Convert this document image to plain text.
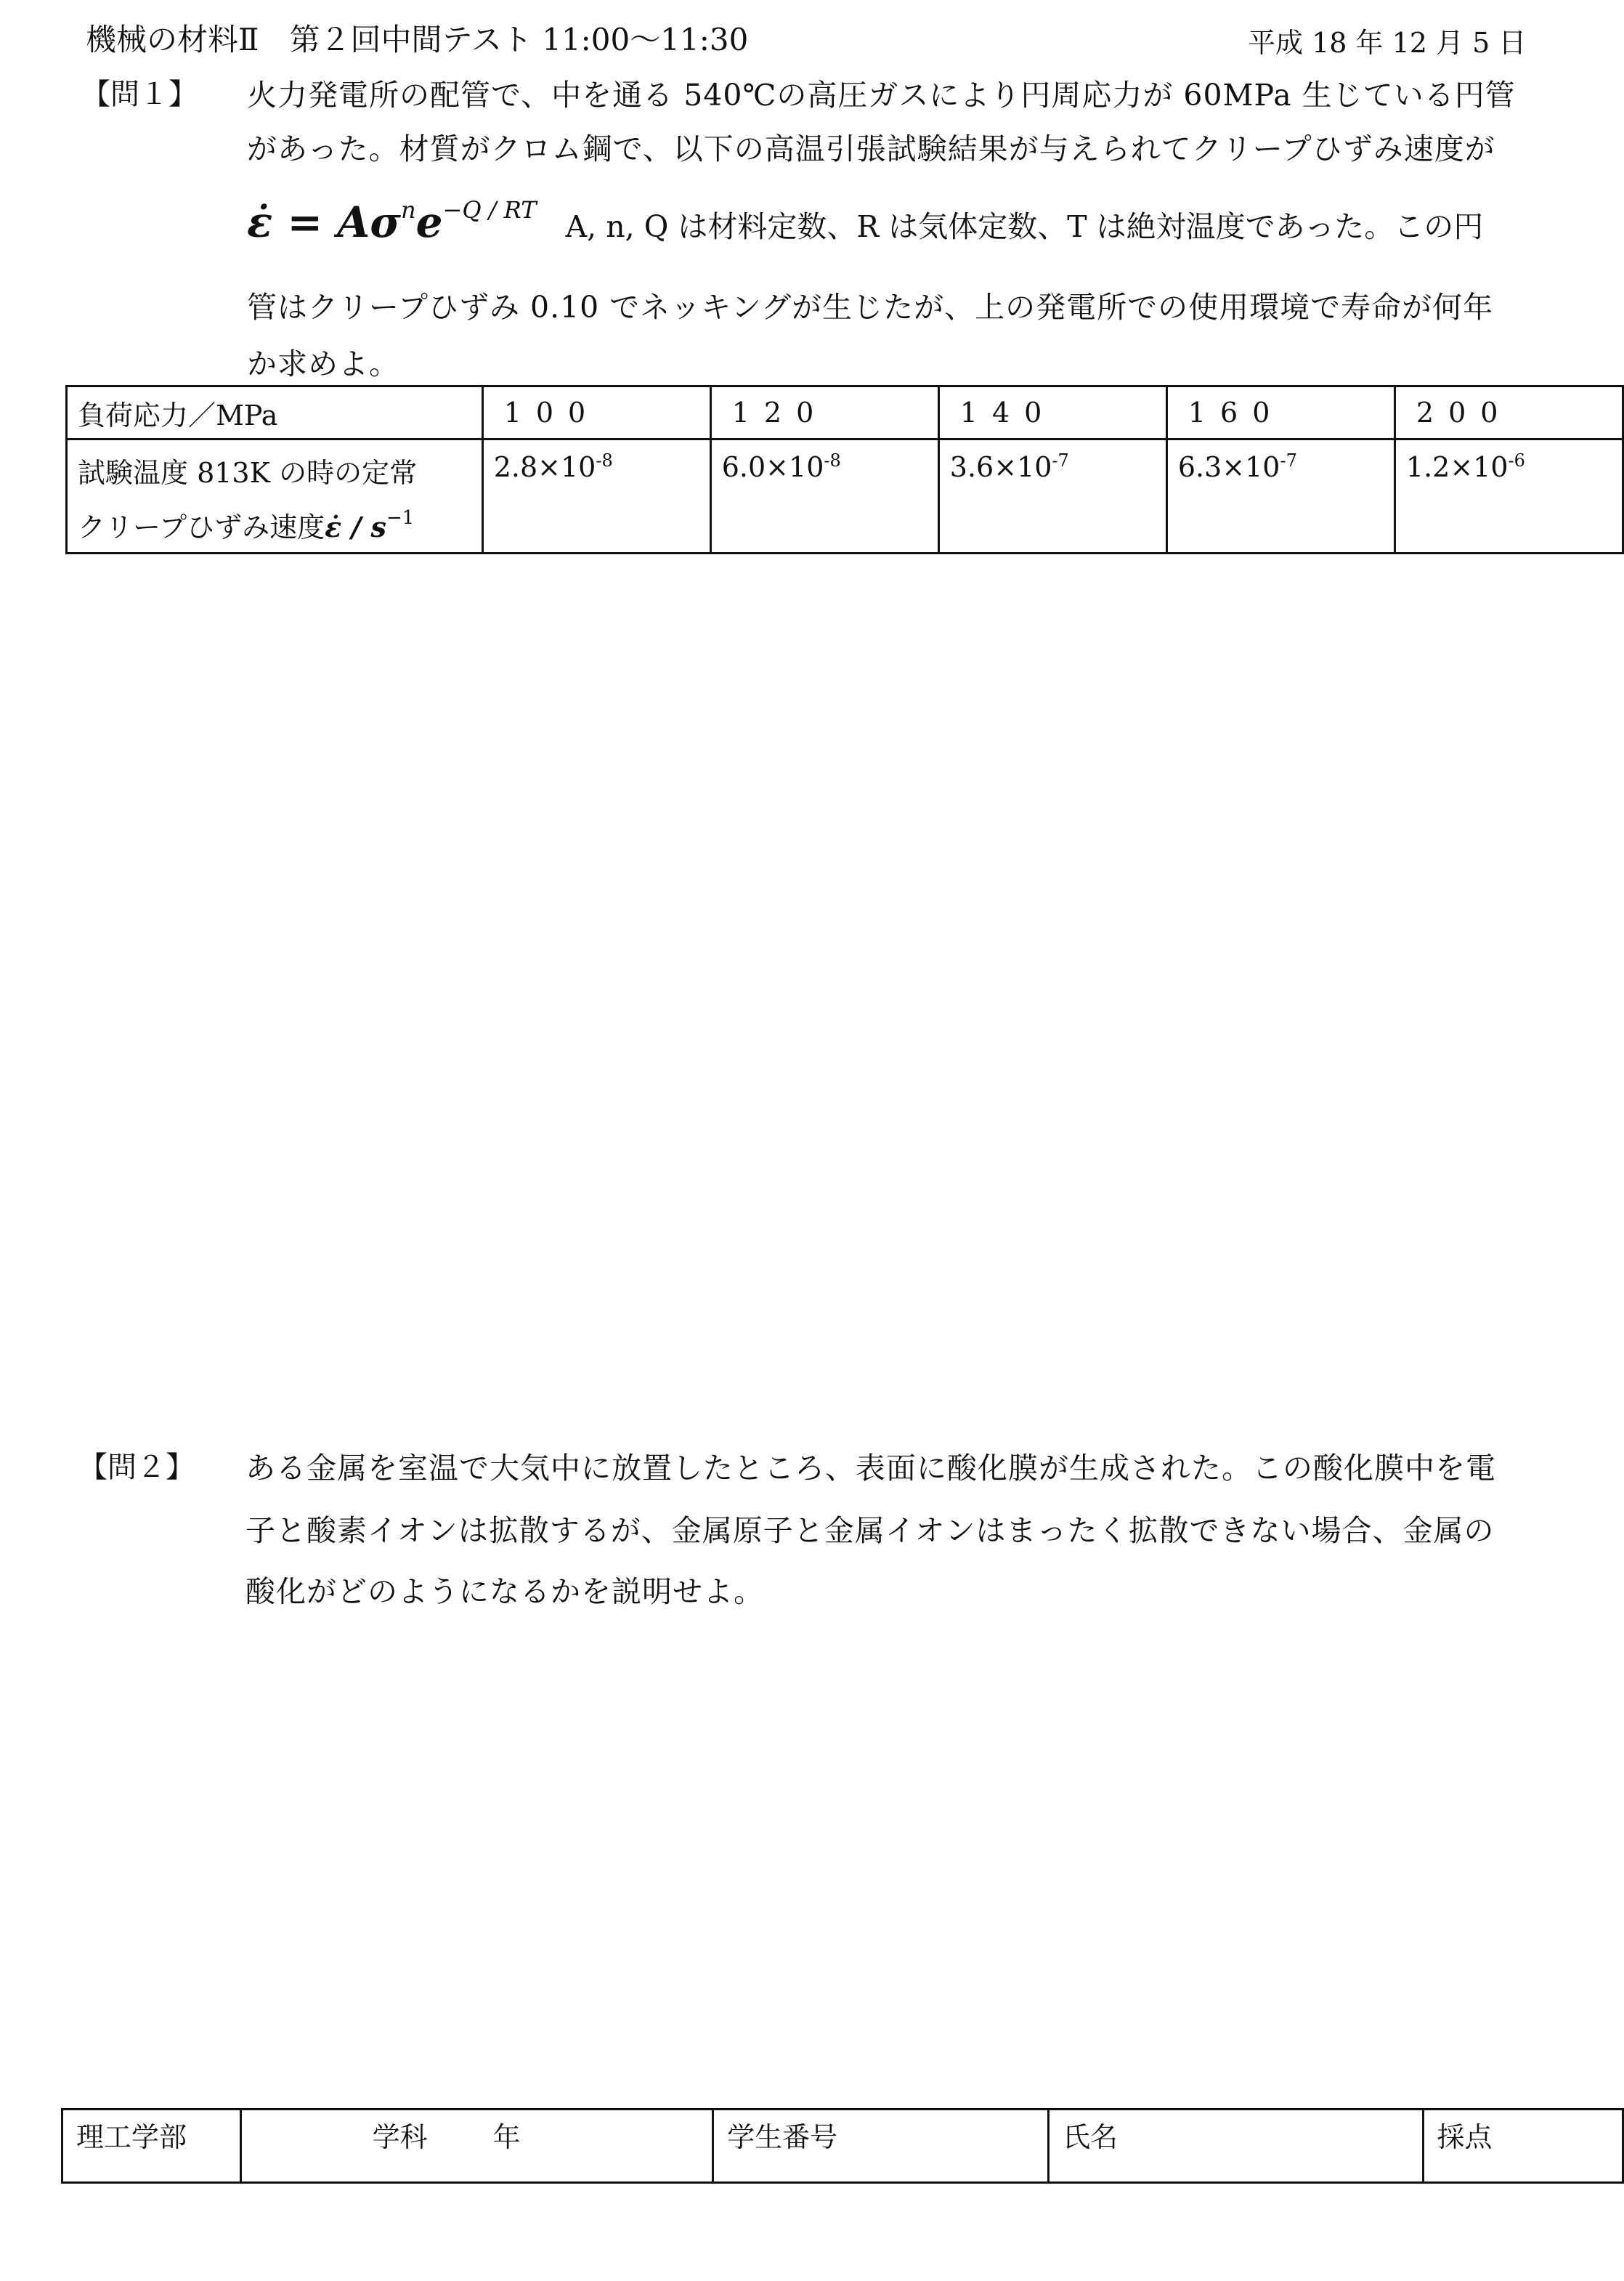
機械の材料Ⅱ　第２回中間テスト 11:00〜11:30	平成 18 年 12 月 5 日
【問１】 火力発電所の配管で、中を通る 540℃の高圧ガスにより円周応力が 60MPa 生じている円管
があった。材質がクロム鋼で、以下の高温引張試験結果が与えられてクリープひずみ速度が
ε̇ = $A\sigma^ne^{-Q / RT}$ A, n, Q は材料定数、R は気体定数、T は絶対温度であった。この円
管はクリープひずみ 0.10 でネッキングが生じたが、上の発電所での使用環境で寿命が何年
か求めよ。
負荷応力／MPa	100	120	140	160	200

試験温度 813K の時の定常
クリープひずみ速度ε̇ / $s^{-1}$	$2.8\times 10^{-8}$	$6.0\times 10^{-8}$	$3.6\times 10^{-7}$	$6.3\times 10^{-7}$	$1.2\times 10^{-6}$
【問２】 ある金属を室温で大気中に放置したところ、表面に酸化膜が生成された。この酸化膜中を電
子と酸素イオンは拡散するが、金属原子と金属イオンはまったく拡散できない場合、金属の
酸化がどのようになるかを説明せよ。
理工学部	学科 年	学生番号	氏名	採点
